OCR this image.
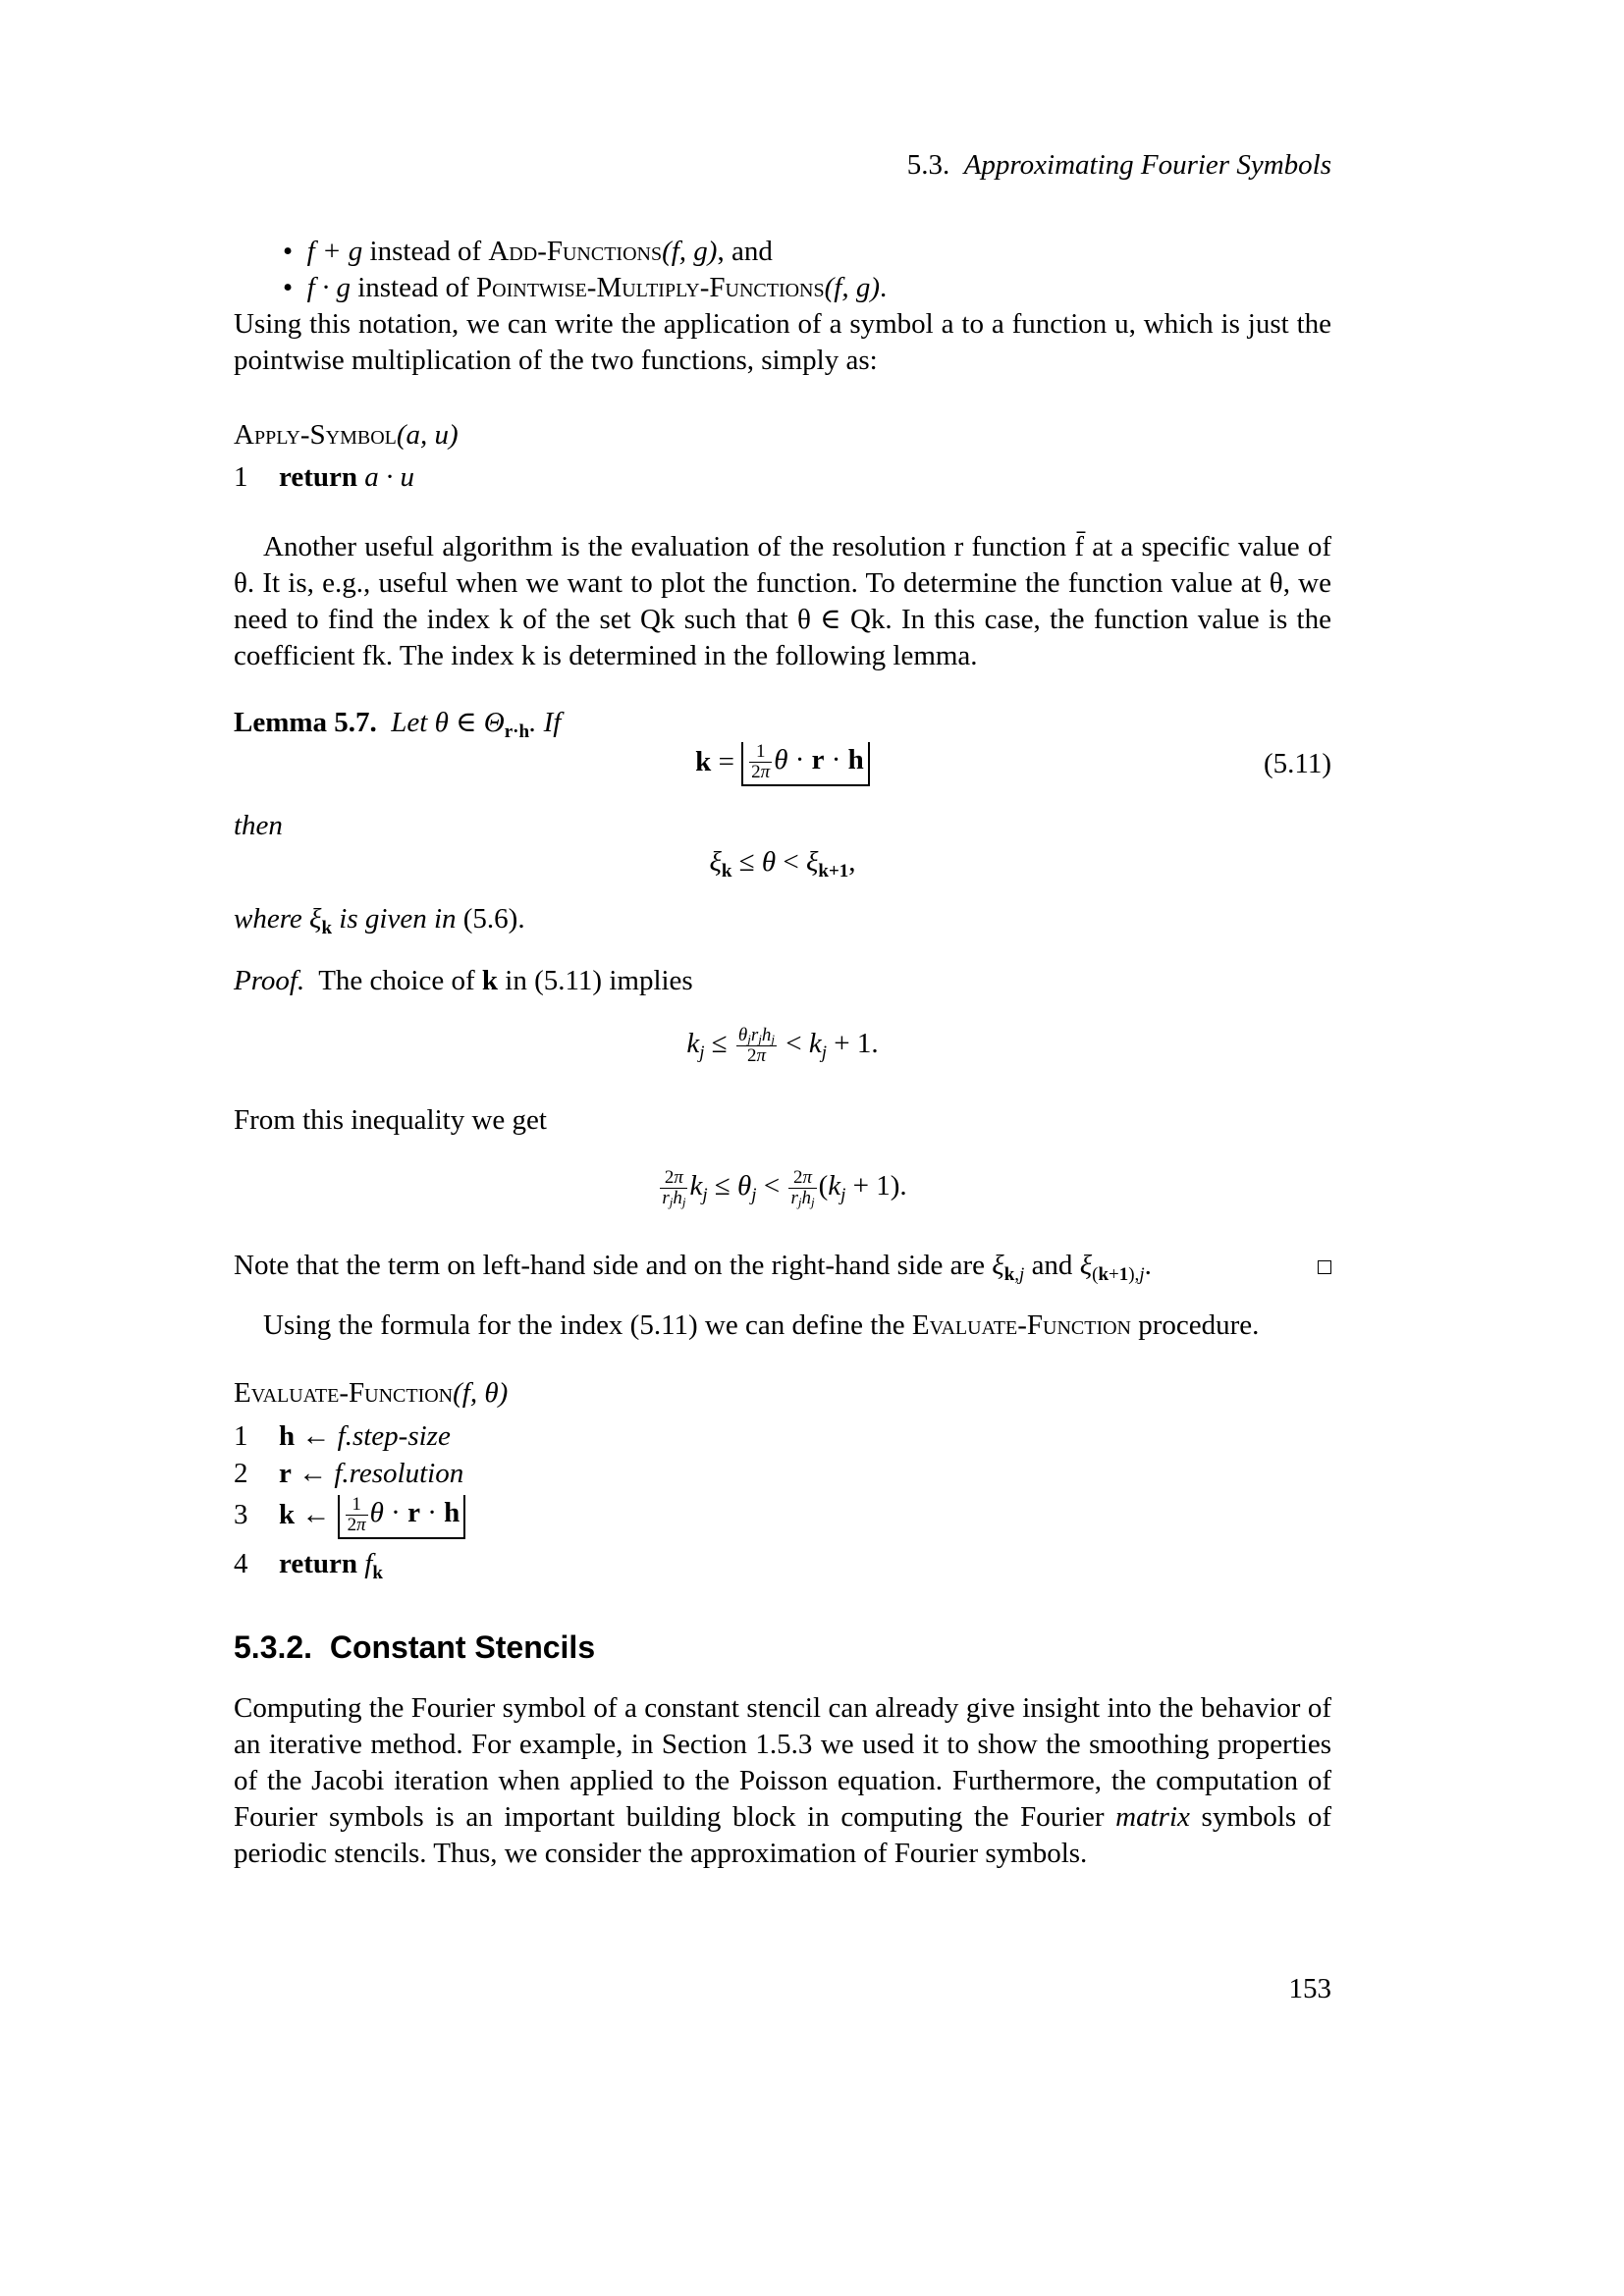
5.3. Approximating Fourier Symbols
• f + g instead of Add-Functions(f, g), and
• f · g instead of Pointwise-Multiply-Functions(f, g).
Using this notation, we can write the application of a symbol a to a function u, which is just the pointwise multiplication of the two functions, simply as:
Apply-Symbol(a, u)
1 return a · u
Another useful algorithm is the evaluation of the resolution r function f̄ at a specific value of θ. It is, e.g., useful when we want to plot the function. To determine the function value at θ, we need to find the index k of the set Qk such that θ ∈ Qk. In this case, the function value is the coefficient fk. The index k is determined in the following lemma.
Lemma 5.7. Let θ ∈ $\Theta_{r\cdot h}$. If
$k = \frac{1}{2\pi}$ θ · r · h	(5.11)
then
$\xi_k \le \theta < \xi_{k+1}$,
where $\xi_k$ is given in (5.6).
Proof. The choice of k in (5.11) implies
$k_j \le \frac{\theta_jr_jh_j}{2\pi} < k_j + 1$.
From this inequality we get
$\frac{2\pi}{r_jh_j} k_j \le \theta_j < \frac{2\pi}{r_jh_j} (k_j + 1)$.
Note that the term on left-hand side and on the right-hand side are $\xi_{k,j}$ and $\xi_{(k+1),j}$.
Using the formula for the index (5.11) we can define the Evaluate-Function procedure.
Evaluate-Function(f, θ)
1 h ← f.step-size
2 r ← f.resolution
3 k ← $\frac{1}{2\pi}$ θ · r · h
4 return $f_k$
5.3.2. Constant Stencils
Computing the Fourier symbol of a constant stencil can already give insight into the behavior of an iterative method. For example, in Section 1.5.3 we used it to show the smoothing properties of the Jacobi iteration when applied to the Poisson equation. Furthermore, the computation of Fourier symbols is an important building block in computing the Fourier matrix symbols of periodic stencils. Thus, we consider the approximation of Fourier symbols.
153
